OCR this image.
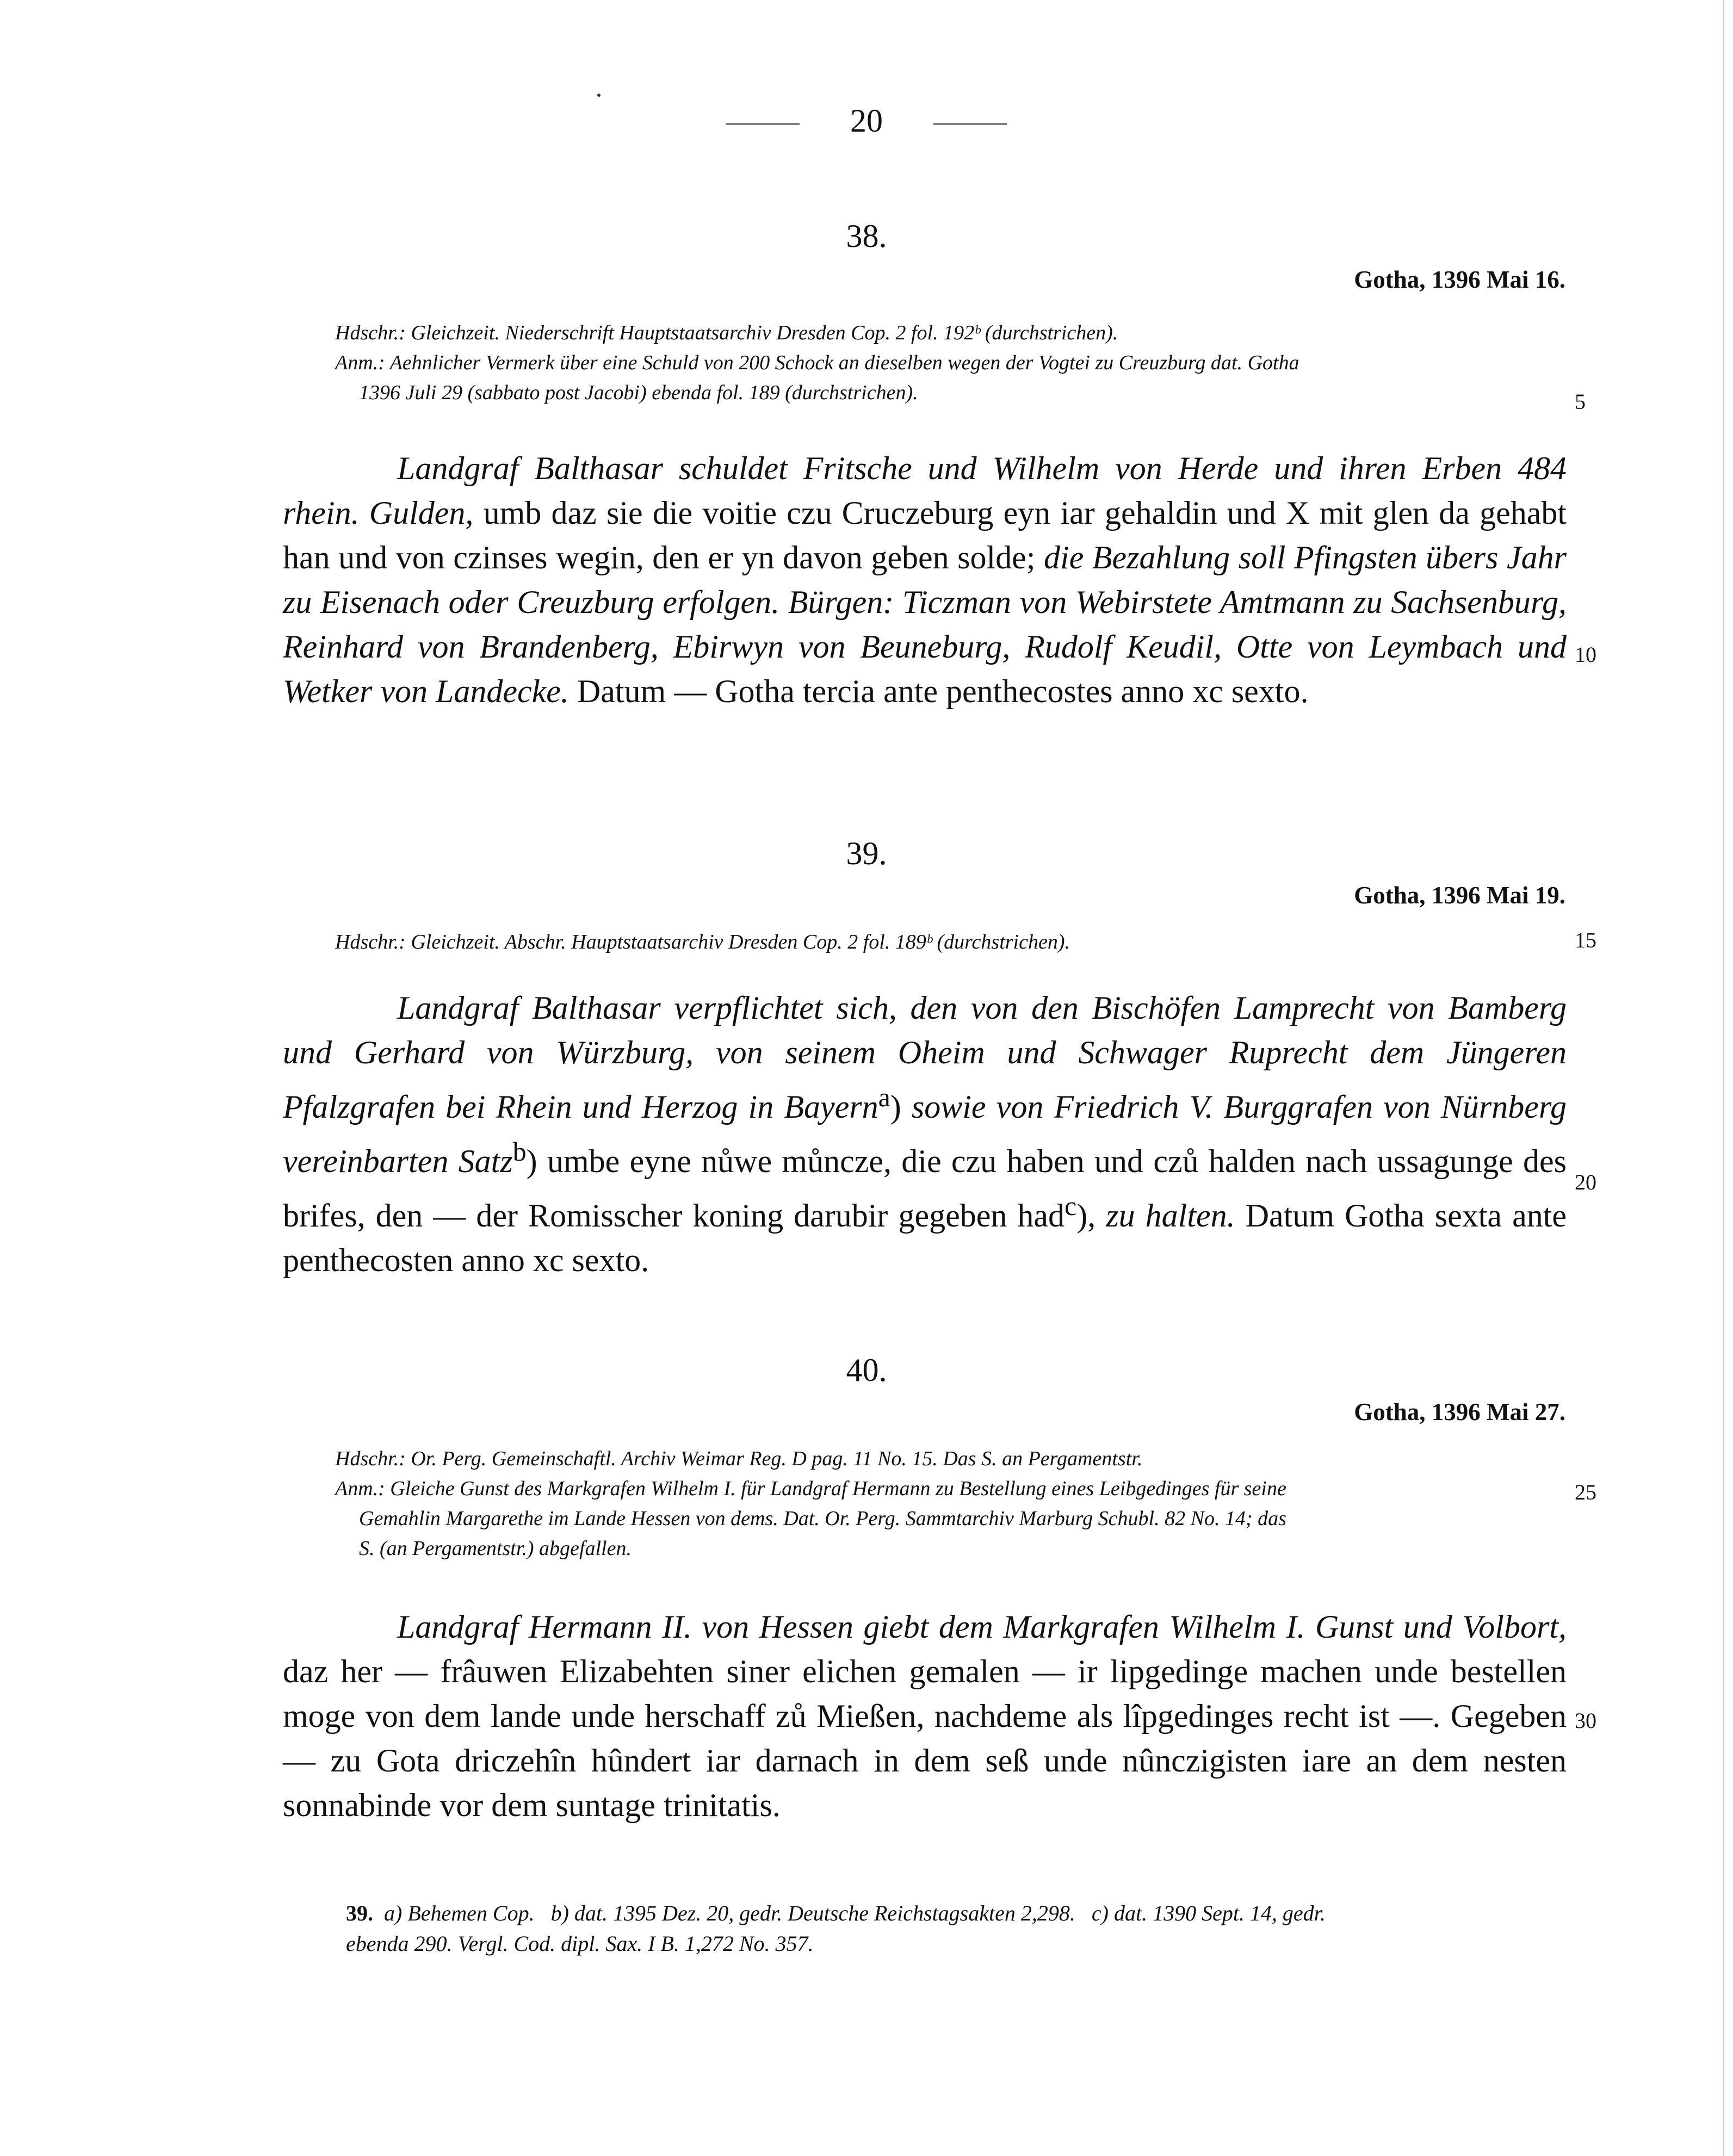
20
38.
Gotha, 1396 Mai 16.
Hdschr.: Gleichzeit. Niederschrift Hauptstaatsarchiv Dresden Cop. 2 fol. 192ᵇ (durchstrichen).
Anm.: Aehnlicher Vermerk über eine Schuld von 200 Schock an dieselben wegen der Vogtei zu Creuzburg dat. Gotha
1396 Juli 29 (sabbato post Jacobi) ebenda fol. 189 (durchstrichen).
Landgraf Balthasar schuldet Fritsche und Wilhelm von Herde und ihren Erben 484 rhein. Gulden, umb daz sie die voitie czu Cruczeburg eyn iar gehaldin und X mit glen da gehabt han und von czinses wegin, den er yn davon geben solde; die Bezahlung soll Pfingsten übers Jahr zu Eisenach oder Creuzburg erfolgen. Bürgen: Ticzman von Webirstete Amtmann zu Sachsenburg, Reinhard von Brandenberg, Ebirwyn von Beuneburg, Rudolf Keudil, Otte von Leymbach und Wetker von Landecke. Datum — Gotha tercia ante penthecostes anno xc sexto.
39.
Gotha, 1396 Mai 19.
Hdschr.: Gleichzeit. Abschr. Hauptstaatsarchiv Dresden Cop. 2 fol. 189ᵇ (durchstrichen).
Landgraf Balthasar verpflichtet sich, den von den Bischöfen Lamprecht von Bamberg und Gerhard von Würzburg, von seinem Oheim und Schwager Ruprecht dem Jüngeren Pfalzgrafen bei Rhein und Herzog in Bayern$^a$) sowie von Friedrich V. Burggrafen von Nürnberg vereinbarten Satz$^b$) umbe eyne nůwe můncze, die czu haben und czů halden nach ussagunge des brifes, den — der Romisscher koning darubir gegeben had$^c$), zu halten. Datum Gotha sexta ante penthecosten anno xc sexto.
40.
Gotha, 1396 Mai 27.
Hdschr.: Or. Perg. Gemeinschaftl. Archiv Weimar Reg. D pag. 11 No. 15. Das S. an Pergamentstr.
Anm.: Gleiche Gunst des Markgrafen Wilhelm I. für Landgraf Hermann zu Bestellung eines Leibgedinges für seine
Gemahlin Margarethe im Lande Hessen von dems. Dat. Or. Perg. Sammtarchiv Marburg Schubl. 82 No. 14; das
S. (an Pergamentstr.) abgefallen.
Landgraf Hermann II. von Hessen giebt dem Markgrafen Wilhelm I. Gunst und Volbort, daz her — frâuwen Elizabehten siner elichen gemalen — ir lipgedinge machen unde bestellen moge von dem lande unde herschaff zů Mießen, nachdeme als lîpgedinges recht ist —. Gegeben — zu Gota driczehîn hûndert iar darnach in dem seß unde nûnczigisten iare an dem nesten sonnabinde vor dem suntage trinitatis.
5
10
15
20
25
30
39. a) Behemen Cop. b) dat. 1395 Dez. 20, gedr. Deutsche Reichstagsakten 2,298. c) dat. 1390 Sept. 14, gedr.
ebenda 290. Vergl. Cod. dipl. Sax. I B. 1,272 No. 357.
